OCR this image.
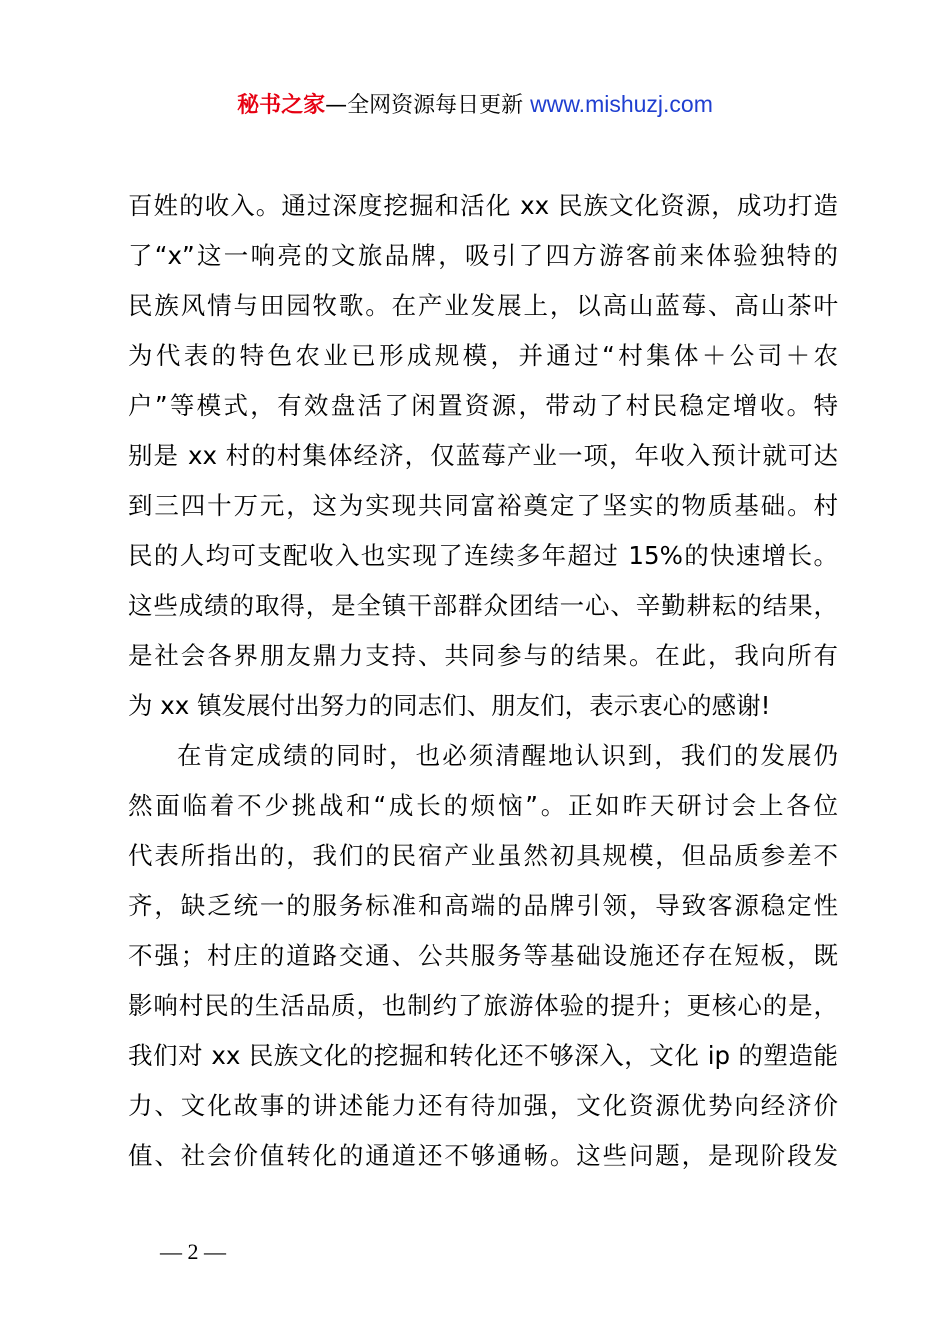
秘书之家—全网资源每日更新 www.mishuzj.com
百姓的收入。通过深度挖掘和活化 xx 民族文化资源，成功打造
了“x”这一响亮的文旅品牌，吸引了四方游客前来体验独特的
民族风情与田园牧歌。在产业发展上，以高山蓝莓、高山茶叶
为代表的特色农业已形成规模，并通过“村集体＋公司＋农
户”等模式，有效盘活了闲置资源，带动了村民稳定增收。特
别是 xx 村的村集体经济，仅蓝莓产业一项，年收入预计就可达
到三四十万元，这为实现共同富裕奠定了坚实的物质基础。村
民的人均可支配收入也实现了连续多年超过 15%的快速增长。
这些成绩的取得，是全镇干部群众团结一心、辛勤耕耘的结果，
是社会各界朋友鼎力支持、共同参与的结果。在此，我向所有
为 xx 镇发展付出努力的同志们、朋友们，表示衷心的感谢!
在肯定成绩的同时，也必须清醒地认识到，我们的发展仍
然面临着不少挑战和“成长的烦恼”。正如昨天研讨会上各位
代表所指出的，我们的民宿产业虽然初具规模，但品质参差不
齐，缺乏统一的服务标准和高端的品牌引领，导致客源稳定性
不强；村庄的道路交通、公共服务等基础设施还存在短板，既
影响村民的生活品质，也制约了旅游体验的提升；更核心的是，
我们对 xx 民族文化的挖掘和转化还不够深入，文化 ip 的塑造能
力、文化故事的讲述能力还有待加强，文化资源优势向经济价
值、社会价值转化的通道还不够通畅。这些问题，是现阶段发
— 2 —
